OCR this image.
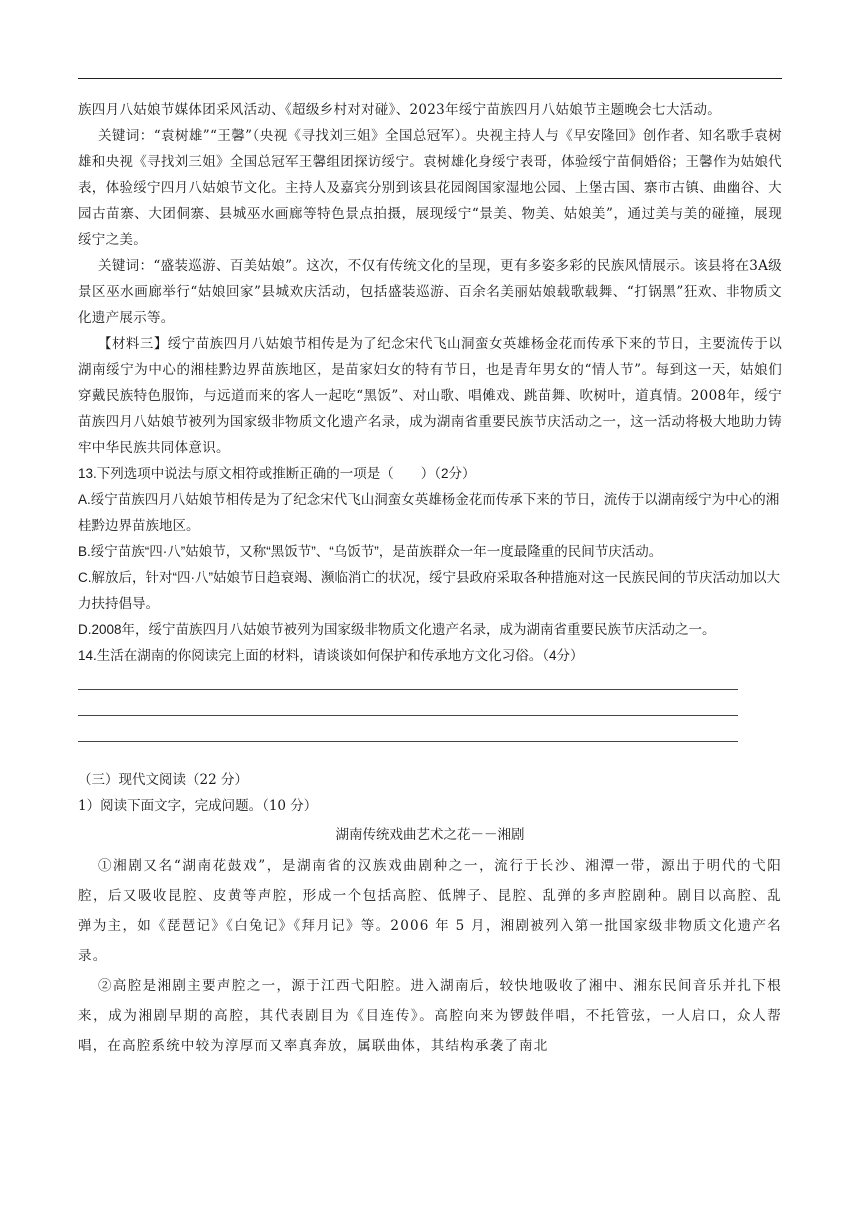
族四月八姑娘节媒体团采风活动、《超级乡村对对碰》、2023年绥宁苗族四月八姑娘节主题晚会七大活动。

关键词：“袁树雄”“王馨”（央视《寻找刘三姐》全国总冠军）。央视主持人与《早安隆回》创作者、知名歌手袁树雄和央视《寻找刘三姐》全国总冠军王馨组团探访绥宁。袁树雄化身绥宁表哥，体验绥宁苗侗婚俗；王馨作为姑娘代表，体验绥宁四月八姑娘节文化。主持人及嘉宾分别到该县花园阁国家湿地公园、上堡古国、寨市古镇、曲幽谷、大园古苗寨、大团侗寨、县城巫水画廊等特色景点拍摄，展现绥宁“景美、物美、姑娘美”，通过美与美的碰撞，展现绥宁之美。

关键词：“盛装巡游、百美姑娘”。这次，不仅有传统文化的呈现，更有多姿多彩的民族风情展示。该县将在3A级景区巫水画廊举行“姑娘回家”县城欢庆活动，包括盛装巡游、百余名美丽姑娘载歌载舞、“打锅黑”狂欢、非物质文化遗产展示等。

【材料三】绥宁苗族四月八姑娘节相传是为了纪念宋代飞山洞蛮女英雄杨金花而传承下来的节日，主要流传于以湖南绥宁为中心的湘桂黔边界苗族地区，是苗家妇女的特有节日，也是青年男女的“情人节”。每到这一天，姑娘们穿戴民族特色服饰，与远道而来的客人一起吃“黑饭”、对山歌、唱傩戏、跳苗舞、吹树叶，道真情。2008年，绥宁苗族四月八姑娘节被列为国家级非物质文化遗产名录，成为湖南省重要民族节庆活动之一，这一活动将极大地助力铸牢中华民族共同体意识。

13.下列选项中说法与原文相符或推断正确的一项是（　　）（2分）

A.绥宁苗族四月八姑娘节相传是为了纪念宋代飞山洞蛮女英雄杨金花而传承下来的节日，流传于以湖南绥宁为中心的湘桂黔边界苗族地区。

B.绥宁苗族“四·八”姑娘节，又称“黑饭节”、“乌饭节”，是苗族群众一年一度最隆重的民间节庆活动。

C.解放后，针对“四·八”姑娘节日趋衰竭、濒临消亡的状况，绥宁县政府采取各种措施对这一民族民间的节庆活动加以大力扶持倡导。

D.2008年，绥宁苗族四月八姑娘节被列为国家级非物质文化遗产名录，成为湖南省重要民族节庆活动之一。

14.生活在湖南的你阅读完上面的材料，请谈谈如何保护和传承地方文化习俗。（4分）

（三）现代文阅读（22 分）

1）阅读下面文字，完成问题。（10 分）

湖南传统戏曲艺术之花－－湘剧

①湘剧又名“湖南花鼓戏”，是湖南省的汉族戏曲剧种之一，流行于长沙、湘潭一带，源出于明代的弋阳腔，后又吸收昆腔、皮黄等声腔，形成一个包括高腔、低牌子、昆腔、乱弹的多声腔剧种。剧目以高腔、乱弹为主，如《琵琶记》《白兔记》《拜月记》等。2006 年 5 月，湘剧被列入第一批国家级非物质文化遗产名录。

②高腔是湘剧主要声腔之一，源于江西弋阳腔。进入湖南后，较快地吸收了湘中、湘东民间音乐并扎下根来，成为湘剧早期的高腔，其代表剧目为《目连传》。高腔向来为锣鼓伴唱，不托管弦，一人启口，众人帮唱，在高腔系统中较为淳厚而又率真奔放，属联曲体，其结构承袭了南北
